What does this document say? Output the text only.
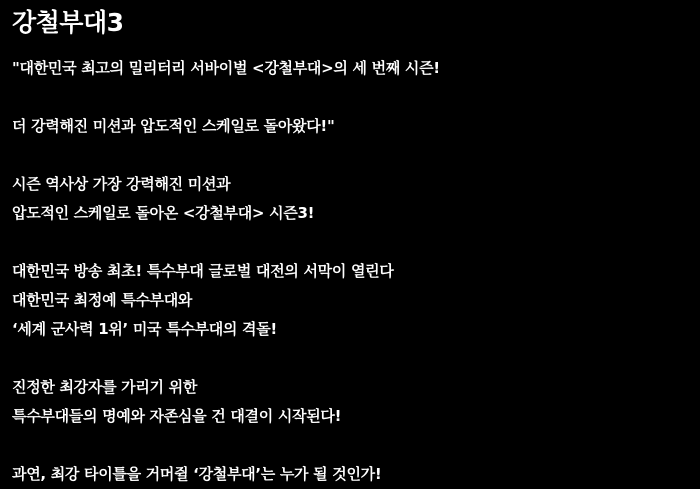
강철부대3
"대한민국 최고의 밀리터리 서바이벌 <강철부대>의 세 번째 시즌!
더 강력해진 미션과 압도적인 스케일로 돌아왔다!"
시즌 역사상 가장 강력해진 미션과
압도적인 스케일로 돌아온 <강철부대> 시즌3!
대한민국 방송 최초! 특수부대 글로벌 대전의 서막이 열린다
대한민국 최정예 특수부대와
‘세계 군사력 1위’ 미국 특수부대의 격돌!
진정한 최강자를 가리기 위한
특수부대들의 명예와 자존심을 건 대결이 시작된다!
과연, 최강 타이틀을 거머쥘 ‘강철부대’는 누가 될 것인가!
